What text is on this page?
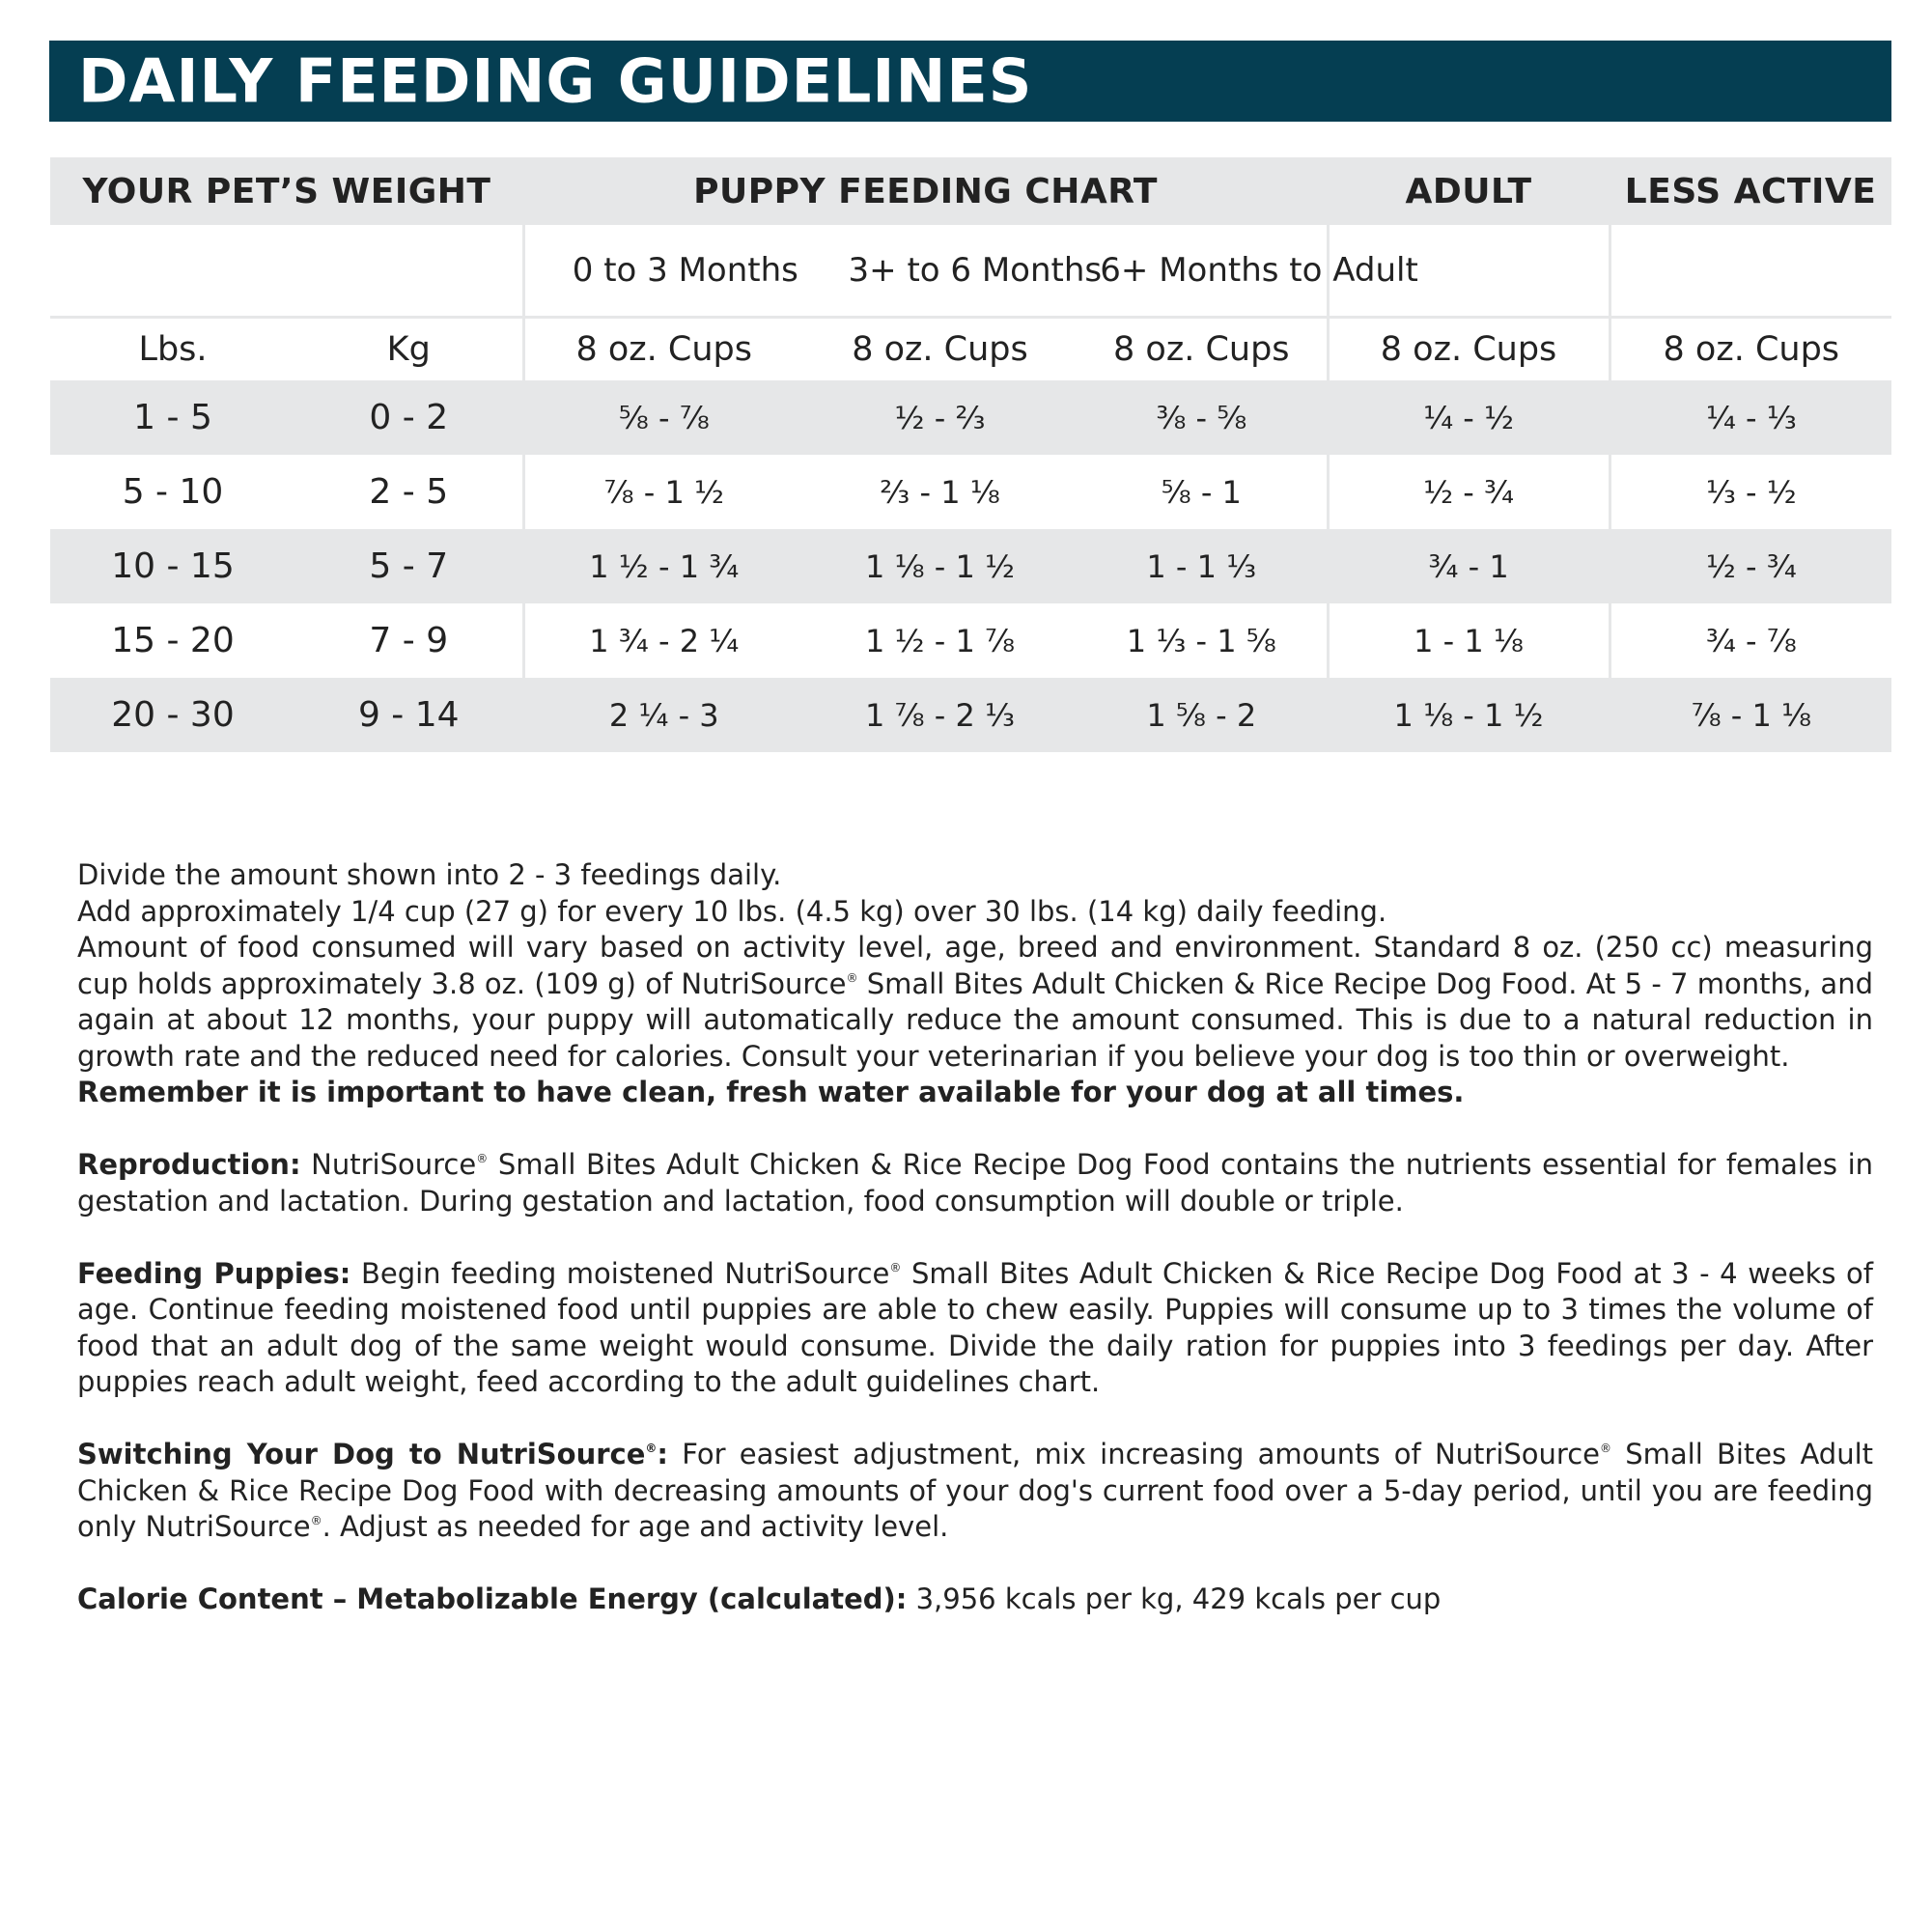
DAILY FEEDING GUIDELINES
YOUR PET’S WEIGHT		PUPPY FEEDING CHART			ADULT	LESS ACTIVE

		0 to 3 Months	3+ to 6 Months	6+ Months to Adult		

Lbs.	Kg	8 oz. Cups	8 oz. Cups	8 oz. Cups	8 oz. Cups	8 oz. Cups
1 - 5	0 - 2	⅝ - ⅞	½ - ⅔	⅜ - ⅝	¼ - ½	¼ - ⅓
5 - 10	2 - 5	⅞ - 1 ½	⅔ - 1 ⅛	⅝ - 1	½ - ¾	⅓ - ½
10 - 15	5 - 7	1 ½ - 1 ¾	1 ⅛ - 1 ½	1 - 1 ⅓	¾ - 1	½ - ¾
15 - 20	7 - 9	1 ¾ - 2 ¼	1 ½ - 1 ⅞	1 ⅓ - 1 ⅝	1 - 1 ⅛	¾ - ⅞
20 - 30	9 - 14	2 ¼ - 3	1 ⅞ - 2 ⅓	1 ⅝ - 2	1 ⅛ - 1 ½	⅞ - 1 ⅛

Divide the amount shown into 2 - 3 feedings daily.

Add approximately 1/4 cup (27 g) for every 10 lbs. (4.5 kg) over 30 lbs. (14 kg) daily feeding.

Amount of food consumed will vary based on activity level, age, breed and environment. Standard 8 oz. (250 cc) measuring cup holds approximately 3.8 oz. (109 g) of NutriSource® Small Bites Adult Chicken & Rice Recipe Dog Food. At 5 - 7 months, and again at about 12 months, your puppy will automatically reduce the amount consumed. This is due to a natural reduction in growth rate and the reduced need for calories. Consult your veterinarian if you believe your dog is too thin or overweight.

Remember it is important to have clean, fresh water available for your dog at all times.

Reproduction: NutriSource® Small Bites Adult Chicken & Rice Recipe Dog Food contains the nutrients essential for females in gestation and lactation. During gestation and lactation, food consumption will double or triple.

Feeding Puppies: Begin feeding moistened NutriSource® Small Bites Adult Chicken & Rice Recipe Dog Food at 3 - 4 weeks of age. Continue feeding moistened food until puppies are able to chew easily. Puppies will consume up to 3 times the volume of food that an adult dog of the same weight would consume. Divide the daily ration for puppies into 3 feedings per day. After puppies reach adult weight, feed according to the adult guidelines chart.

Switching Your Dog to NutriSource®: For easiest adjustment, mix increasing amounts of NutriSource® Small Bites Adult Chicken & Rice Recipe Dog Food with decreasing amounts of your dog's current food over a 5-day period, until you are feeding only NutriSource®. Adjust as needed for age and activity level.

Calorie Content – Metabolizable Energy (calculated): 3,956 kcals per kg, 429 kcals per cup
